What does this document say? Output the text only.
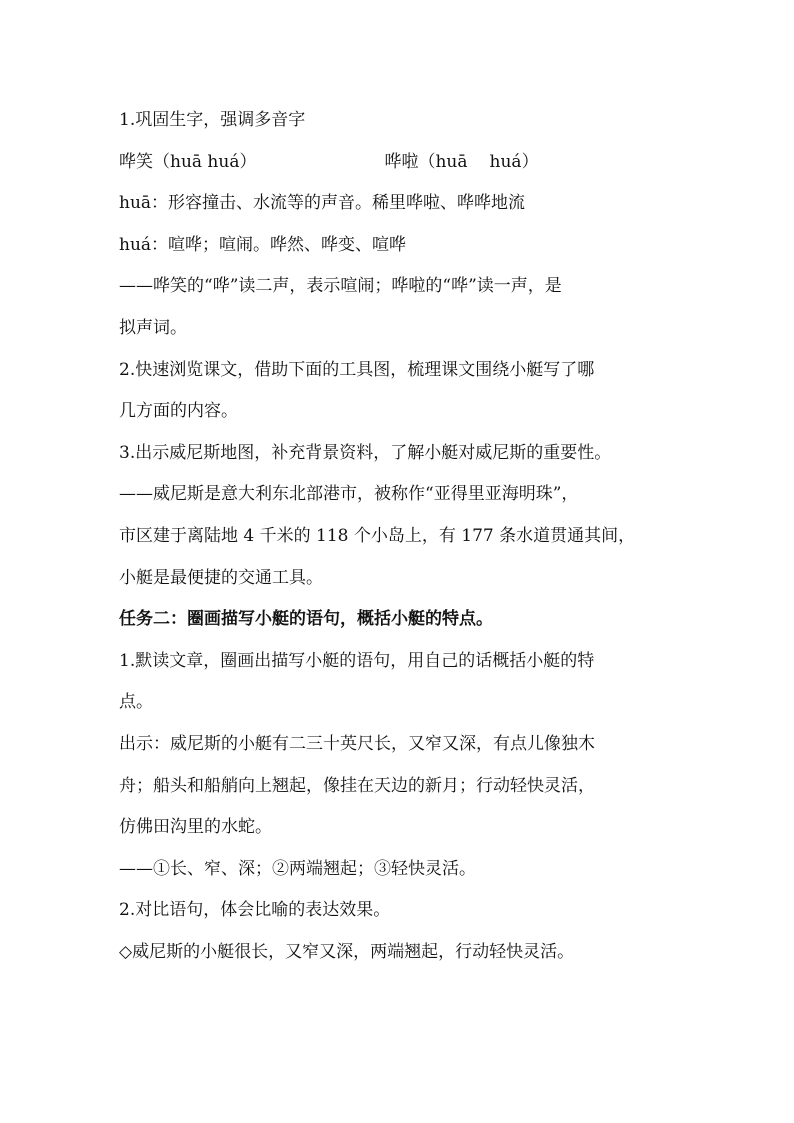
1.巩固生字，强调多音字
哗笑（huā huá）	哗啦（huā huá）
huā：形容撞击、水流等的声音。稀里哗啦、哗哗地流
huá：喧哗；喧闹。哗然、哗变、喧哗
——哗笑的“哗”读二声，表示喧闹；哗啦的“哗”读一声，是
拟声词。
2.快速浏览课文，借助下面的工具图，梳理课文围绕小艇写了哪
几方面的内容。
3.出示威尼斯地图，补充背景资料，了解小艇对威尼斯的重要性。
——威尼斯是意大利东北部港市，被称作“亚得里亚海明珠”，
市区建于离陆地 4 千米的 118 个小岛上，有 177 条水道贯通其间，
小艇是最便捷的交通工具。
任务二：圈画描写小艇的语句，概括小艇的特点。
1.默读文章，圈画出描写小艇的语句，用自己的话概括小艇的特
点。
出示：威尼斯的小艇有二三十英尺长，又窄又深，有点儿像独木
舟；船头和船艄向上翘起，像挂在天边的新月；行动轻快灵活，
仿佛田沟里的水蛇。
——①长、窄、深；②两端翘起；③轻快灵活。
2.对比语句，体会比喻的表达效果。
◇威尼斯的小艇很长，又窄又深，两端翘起，行动轻快灵活。
